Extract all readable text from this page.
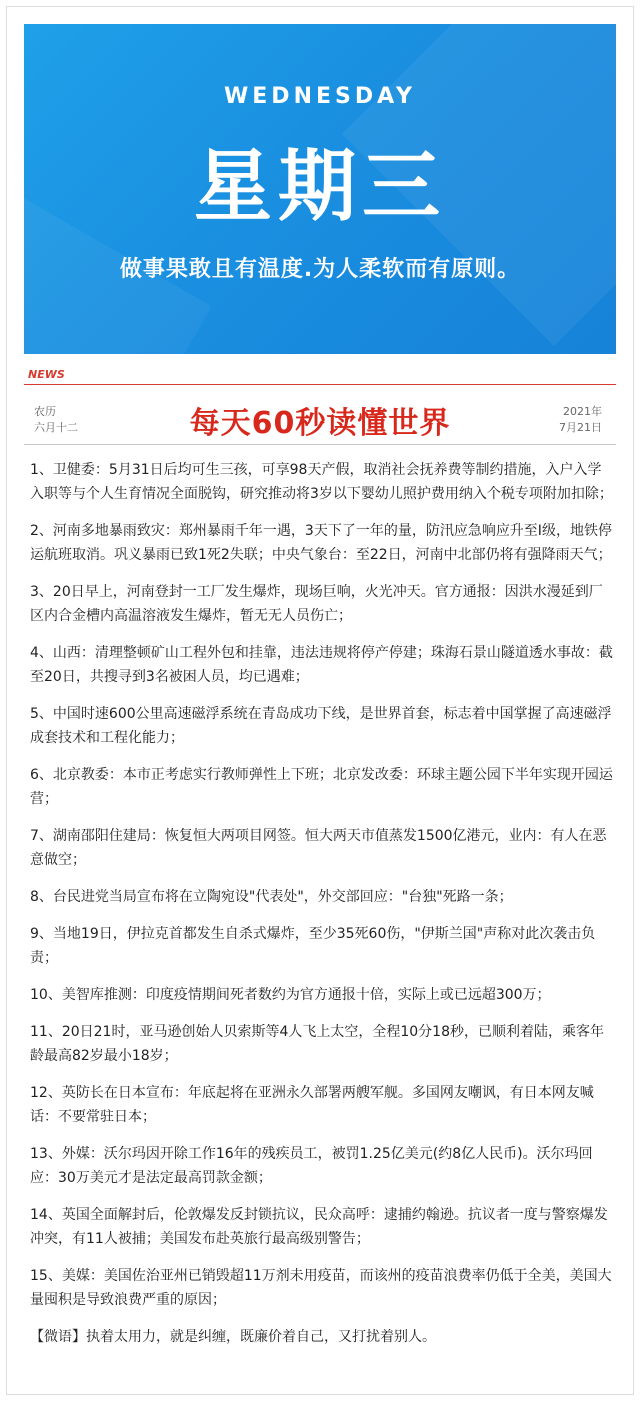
WEDNESDAY
星期三
做事果敢且有温度.为人柔软而有原则。
NEWS
农历
六月十二	每天60秒读懂世界	2021年
7月21日
1、卫健委：5月31日后均可生三孩，可享98天产假，取消社会抚养费等制约措施，入户入学入职等与个人生育情况全面脱钩，研究推动将3岁以下婴幼儿照护费用纳入个税专项附加扣除；
2、河南多地暴雨致灾：郑州暴雨千年一遇，3天下了一年的量，防汛应急响应升至I级，地铁停运航班取消。巩义暴雨已致1死2失联；中央气象台：至22日，河南中北部仍将有强降雨天气；
3、20日早上，河南登封一工厂发生爆炸，现场巨响，火光冲天。官方通报：因洪水漫延到厂区内合金槽内高温溶液发生爆炸，暂无无人员伤亡；
4、山西：清理整顿矿山工程外包和挂靠，违法违规将停产停建；珠海石景山隧道透水事故：截至20日，共搜寻到3名被困人员，均已遇难；
5、中国时速600公里高速磁浮系统在青岛成功下线，是世界首套，标志着中国掌握了高速磁浮成套技术和工程化能力；
6、北京教委：本市正考虑实行教师弹性上下班；北京发改委：环球主题公园下半年实现开园运营；
7、湖南邵阳住建局：恢复恒大两项目网签。恒大两天市值蒸发1500亿港元，业内：有人在恶意做空；
8、台民进党当局宣布将在立陶宛设"代表处"，外交部回应："台独"死路一条；
9、当地19日，伊拉克首都发生自杀式爆炸，至少35死60伤，"伊斯兰国"声称对此次袭击负责；
10、美智库推测：印度疫情期间死者数约为官方通报十倍，实际上或已远超300万；
11、20日21时，亚马逊创始人贝索斯等4人飞上太空，全程10分18秒，已顺利着陆，乘客年龄最高82岁最小18岁；
12、英防长在日本宣布：年底起将在亚洲永久部署两艘军舰。多国网友嘲讽，有日本网友喊话：不要常驻日本；
13、外媒：沃尔玛因开除工作16年的残疾员工，被罚1.25亿美元(约8亿人民币)。沃尔玛回应：30万美元才是法定最高罚款金额；
14、英国全面解封后，伦敦爆发反封锁抗议，民众高呼：逮捕约翰逊。抗议者一度与警察爆发冲突，有11人被捕；美国发布赴英旅行最高级别警告；
15、美媒：美国佐治亚州已销毁超11万剂未用疫苗，而该州的疫苗浪费率仍低于全美，美国大量囤积是导致浪费严重的原因；
【微语】执着太用力，就是纠缠，既廉价着自己，又打扰着别人。
